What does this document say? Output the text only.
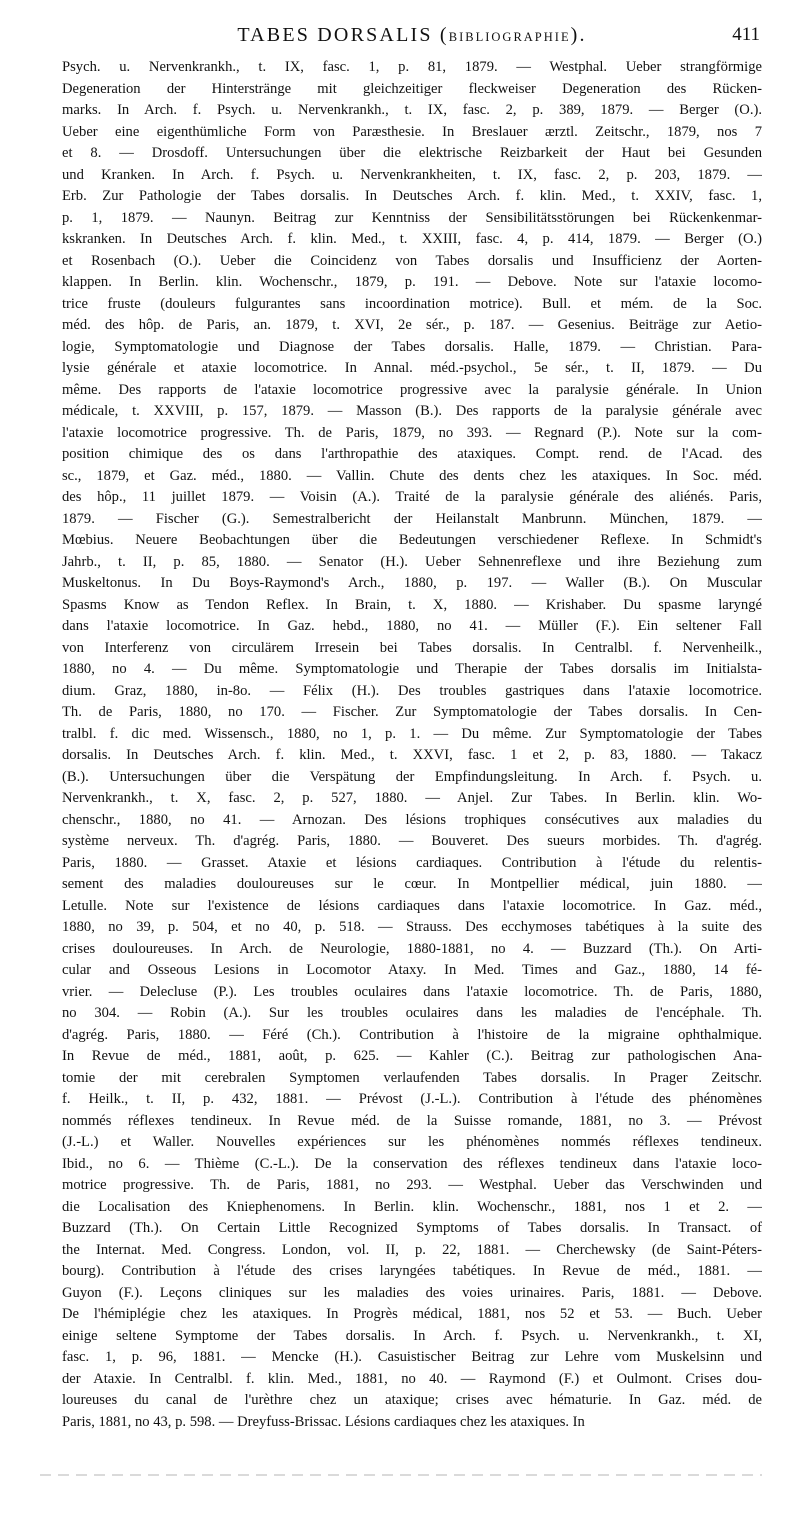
TABES DORSALIS (BIBLIOGRAPHIE).	411
Psych. u. Nervenkrankh., t. IX, fasc. 1, p. 81, 1879. — Westphal. Ueber strangförmige
Degeneration der Hinterstränge mit gleichzeitiger fleckweiser Degeneration des Rücken-
marks. In Arch. f. Psych. u. Nervenkrankh., t. IX, fasc. 2, p. 389, 1879. — Berger (O.).
Ueber eine eigenthümliche Form von Paræsthesie. In Breslauer ærztl. Zeitschr., 1879, nos 7
et 8. — Drosdoff. Untersuchungen über die elektrische Reizbarkeit der Haut bei Gesunden
und Kranken. In Arch. f. Psych. u. Nervenkrankheiten, t. IX, fasc. 2, p. 203, 1879. —
Erb. Zur Pathologie der Tabes dorsalis. In Deutsches Arch. f. klin. Med., t. XXIV, fasc. 1,
p. 1, 1879. — Naunyn. Beitrag zur Kenntniss der Sensibilitätsstörungen bei Rückenkenmar-
kskranken. In Deutsches Arch. f. klin. Med., t. XXIII, fasc. 4, p. 414, 1879. — Berger (O.)
et Rosenbach (O.). Ueber die Coincidenz von Tabes dorsalis und Insufficienz der Aorten-
klappen. In Berlin. klin. Wochenschr., 1879, p. 191. — Debove. Note sur l'ataxie locomo-
trice fruste (douleurs fulgurantes sans incoordination motrice). Bull. et mém. de la Soc.
méd. des hôp. de Paris, an. 1879, t. XVI, 2e sér., p. 187. — Gesenius. Beiträge zur Aetio-
logie, Symptomatologie und Diagnose der Tabes dorsalis. Halle, 1879. — Christian. Para-
lysie générale et ataxie locomotrice. In Annal. méd.-psychol., 5e sér., t. II, 1879. — Du
même. Des rapports de l'ataxie locomotrice progressive avec la paralysie générale. In Union
médicale, t. XXVIII, p. 157, 1879. — Masson (B.). Des rapports de la paralysie générale avec
l'ataxie locomotrice progressive. Th. de Paris, 1879, no 393. — Regnard (P.). Note sur la com-
position chimique des os dans l'arthropathie des ataxiques. Compt. rend. de l'Acad. des
sc., 1879, et Gaz. méd., 1880. — Vallin. Chute des dents chez les ataxiques. In Soc. méd.
des hôp., 11 juillet 1879. — Voisin (A.). Traité de la paralysie générale des aliénés. Paris,
1879. — Fischer (G.). Semestralbericht der Heilanstalt Manbrunn. München, 1879. —
Mœbius. Neuere Beobachtungen über die Bedeutungen verschiedener Reflexe. In Schmidt's
Jahrb., t. II, p. 85, 1880. — Senator (H.). Ueber Sehnenreflexe und ihre Beziehung zum
Muskeltonus. In Du Boys-Raymond's Arch., 1880, p. 197. — Waller (B.). On Muscular
Spasms Know as Tendon Reflex. In Brain, t. X, 1880. — Krishaber. Du spasme laryngé
dans l'ataxie locomotrice. In Gaz. hebd., 1880, no 41. — Müller (F.). Ein seltener Fall
von Interferenz von circulärem Irresein bei Tabes dorsalis. In Centralbl. f. Nervenheilk.,
1880, no 4. — Du même. Symptomatologie und Therapie der Tabes dorsalis im Initialsta-
dium. Graz, 1880, in-8o. — Félix (H.). Des troubles gastriques dans l'ataxie locomotrice.
Th. de Paris, 1880, no 170. — Fischer. Zur Symptomatologie der Tabes dorsalis. In Cen-
tralbl. f. dic med. Wissensch., 1880, no 1, p. 1. — Du même. Zur Symptomatologie der Tabes
dorsalis. In Deutsches Arch. f. klin. Med., t. XXVI, fasc. 1 et 2, p. 83, 1880. — Takacz
(B.). Untersuchungen über die Verspätung der Empfindungsleitung. In Arch. f. Psych. u.
Nervenkrankh., t. X, fasc. 2, p. 527, 1880. — Anjel. Zur Tabes. In Berlin. klin. Wo-
chenschr., 1880, no 41. — Arnozan. Des lésions trophiques consécutives aux maladies du
système nerveux. Th. d'agrég. Paris, 1880. — Bouveret. Des sueurs morbides. Th. d'agrég.
Paris, 1880. — Grasset. Ataxie et lésions cardiaques. Contribution à l'étude du relentis-
sement des maladies douloureuses sur le cœur. In Montpellier médical, juin 1880. —
Letulle. Note sur l'existence de lésions cardiaques dans l'ataxie locomotrice. In Gaz. méd.,
1880, no 39, p. 504, et no 40, p. 518. — Strauss. Des ecchymoses tabétiques à la suite des
crises douloureuses. In Arch. de Neurologie, 1880-1881, no 4. — Buzzard (Th.). On Arti-
cular and Osseous Lesions in Locomotor Ataxy. In Med. Times and Gaz., 1880, 14 fé-
vrier. — Delecluse (P.). Les troubles oculaires dans l'ataxie locomotrice. Th. de Paris, 1880,
no 304. — Robin (A.). Sur les troubles oculaires dans les maladies de l'encéphale. Th.
d'agrég. Paris, 1880. — Féré (Ch.). Contribution à l'histoire de la migraine ophthalmique.
In Revue de méd., 1881, août, p. 625. — Kahler (C.). Beitrag zur pathologischen Ana-
tomie der mit cerebralen Symptomen verlaufenden Tabes dorsalis. In Prager Zeitschr.
f. Heilk., t. II, p. 432, 1881. — Prévost (J.-L.). Contribution à l'étude des phénomènes
nommés réflexes tendineux. In Revue méd. de la Suisse romande, 1881, no 3. — Prévost
(J.-L.) et Waller. Nouvelles expériences sur les phénomènes nommés réflexes tendineux.
Ibid., no 6. — Thième (C.-L.). De la conservation des réflexes tendineux dans l'ataxie loco-
motrice progressive. Th. de Paris, 1881, no 293. — Westphal. Ueber das Verschwinden und
die Localisation des Kniephenomens. In Berlin. klin. Wochenschr., 1881, nos 1 et 2. —
Buzzard (Th.). On Certain Little Recognized Symptoms of Tabes dorsalis. In Transact. of
the Internat. Med. Congress. London, vol. II, p. 22, 1881. — Cherchewsky (de Saint-Péters-
bourg). Contribution à l'étude des crises laryngées tabétiques. In Revue de méd., 1881. —
Guyon (F.). Leçons cliniques sur les maladies des voies urinaires. Paris, 1881. — Debove.
De l'hémiplégie chez les ataxiques. In Progrès médical, 1881, nos 52 et 53. — Buch. Ueber
einige seltene Symptome der Tabes dorsalis. In Arch. f. Psych. u. Nervenkrankh., t. XI,
fasc. 1, p. 96, 1881. — Mencke (H.). Casuistischer Beitrag zur Lehre vom Muskelsinn und
der Ataxie. In Centralbl. f. klin. Med., 1881, no 40. — Raymond (F.) et Oulmont. Crises dou-
loureuses du canal de l'urèthre chez un ataxique; crises avec hématurie. In Gaz. méd. de
Paris, 1881, no 43, p. 598. — Dreyfuss-Brissac. Lésions cardiaques chez les ataxiques. In
